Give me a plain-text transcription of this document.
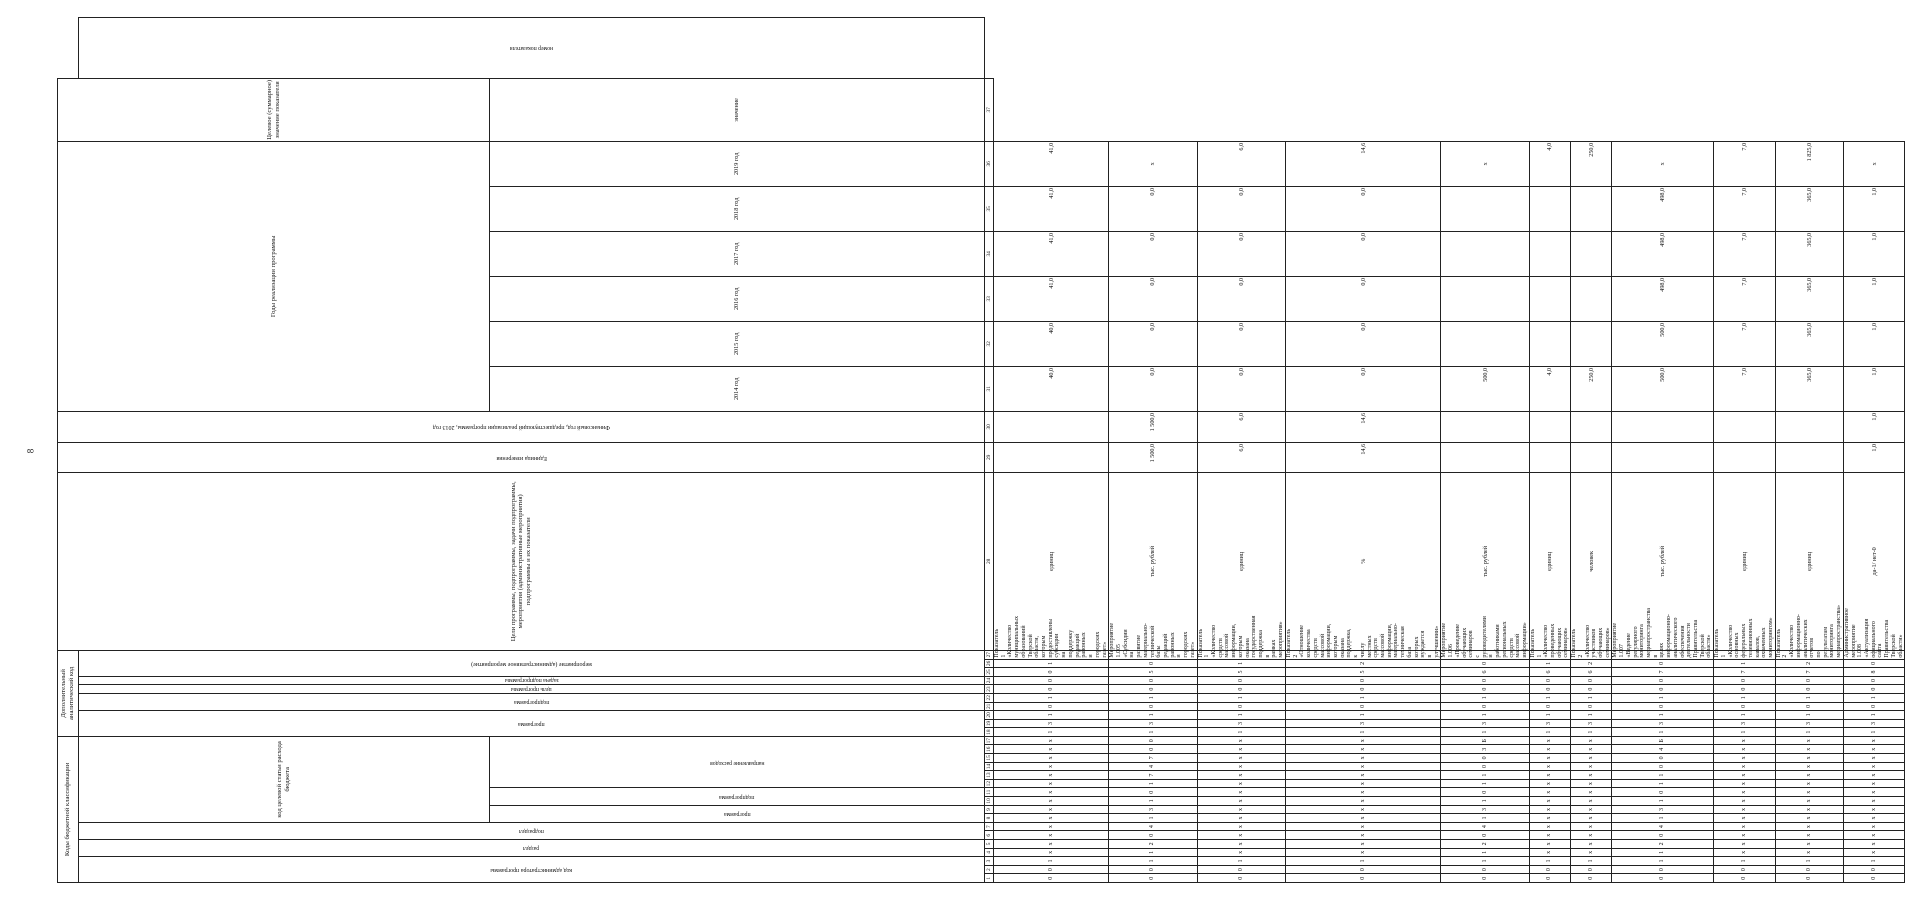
8
Коды бюджетной классификации																	Дополнительный аналитический код										Цели программы, подпрограммы, задачи подпрограммы, мероприятия (административные мероприятия) подпрограммы и их показатели	Единица измерения	Финансовый год, предшествующий реализации программы, 2013 год	Годы реализации программы						Целевое (суммарное) значение показателя	

код администратора программы			раздел		подраздел		код целевой статьи расхода бюджета										программа			подпрограмма		цель программы	задача подпрограммы	мероприятие (административное мероприятие)													номер показателя

							программа		подпрограмма		направление расходов																			2014 год	2015 год	2016 год	2017 год	2018 год	2019 год	значение	
1	2	3	4	5	6	7	8	9	10	11	12	13	14	15	16	17	18	19	20	21	22	23	24	25	26	27	28	29	30	31	32	33	34	35	36	37	
0	0	1	х	х	х	х	х	х	х	х	х	х	х	х	х	х	1	3	1	0	1	0	0	0	1	Показатель 1 «Количество муниципальных образований Тверской области, которым предоставлены субсидии на поддержку редакций районных и городских газет»	единиц			40,0	40,0	41,0	41,0	41,0	41,0		
0	0	1	1	2	0	4	1	3	1	0	1	7	4	7	0	0	1	3	1	0	1	0	0	5	0	Мероприятие 1.005 «Субсидии на развитие материально-технической базы редакций районных и городских газет»	тыс. рублей	1 500,0	1 500,0	0,0	0,0	0,0	0,0	0,0	х		
0	0	1	х	х	х	х	х	х	х	х	х	х	х	х	х	х	1	3	1	0	1	0	0	5	1	Показатель 1 «Количество средств массовой информации, которым оказана государственная поддержка в рамках мероприятия»	единиц	6,0	6,0	0,0	0,0	0,0	0,0	0,0	6,0		
0	0	1	х	х	х	х	х	х	х	х	х	х	х	х	х	х	1	3	1	0	1	0	0	5	2	Показатель 2 «Отношение количества средств массовой информации, которым оказана поддержка, к числу местных средств массовой информации, материально-техническая база которых нуждается в улучшении»	%	14,6	14,6	0,0	0,0	0,0	0,0	0,0	14,6		
0	0	1	1	2	0	4	1	3	1	0	1	1	0	0	3	Б	1	3	1	0	1	0	0	6	0	Мероприятие 1.006 «Проведение обучающих семинаров с руководителями и работниками региональных средств массовой информации»	тыс. рублей			500,0					х		
0	0	1	х	х	х	х	х	х	х	х	х	х	х	х	х	х	1	3	1	0	1	0	0	6	1	Показатель 1 «Количество проведенных обучающих семинаров»	единиц			4,0					4,0		
0	0	1	х	х	х	х	х	х	х	х	х	х	х	х	х	х	1	3	1	0	1	0	0	6	2	Показатель 2 «Количество участников обучающих семинаров»	человек			250,0					250,0		
0	0	1	1	2	0	4	1	3	1	0	1	1	0	0	4	Б	1	3	1	0	1	0	0	7	0	Мероприятие 1.007 «Ведение регулярного мониторинга медиапространства в целях информационно-аналитического обеспечения деятельности Правительства Тверской области»	тыс. рублей			500,0	500,0	498,0	498,0	498,0	х		
0	0	1	х	х	х	х	х	х	х	х	х	х	х	х	х	х	1	3	1	0	1	0	0	7	1	Показатель 1 «Количество основных федеральных телевизионных каналов, охваченных мониторингом»	единиц			7,0	7,0	7,0	7,0	7,0	7,0		
0	0	1	х	х	х	х	х	х	х	х	х	х	х	х	х	х	1	3	1	0	1	0	0	7	2	Показатель 2 «Количество информационно-аналитических отчетов по результатам мониторинга медиапространства»	единиц			365,0	365,0	365,0	365,0	365,0	1 825,0		
0	0	1	х	х	х	х	х	х	х	х	х	х	х	х	х	х	1	3	1	0	1	0	0	8	0	Административное мероприятие 1.008 «Актуализация официального сайта Правительства Тверской области»	да-1/ нет-0	1,0	1,0	1,0	1,0	1,0	1,0	1,0	х		
